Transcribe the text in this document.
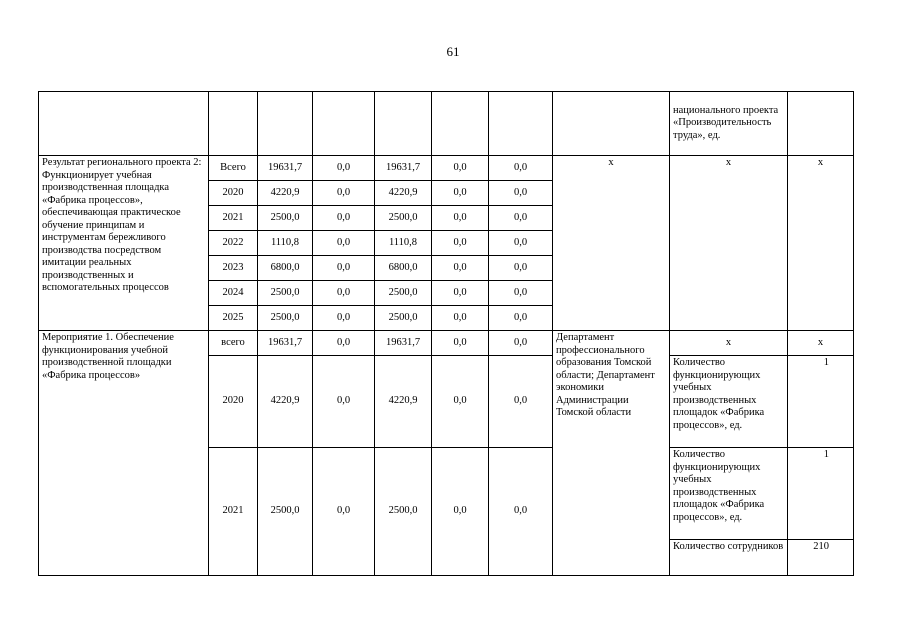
61
								национального проекта «Производительность труда», ед.	
Результат регионального проекта 2: Функционирует учебная производственная площадка «Фабрика процессов», обеспечивающая практическое обучение принципам и инструментам бережливого производства посредством имитации реальных производственных и вспомогательных процессов	Всего	19631,7	0,0	19631,7	0,0	0,0	х	х	х
	2020	4220,9	0,0	4220,9	0,0	0,0			
	2021	2500,0	0,0	2500,0	0,0	0,0			
	2022	1110,8	0,0	1110,8	0,0	0,0			
	2023	6800,0	0,0	6800,0	0,0	0,0			
	2024	2500,0	0,0	2500,0	0,0	0,0			
	2025	2500,0	0,0	2500,0	0,0	0,0			
Мероприятие 1. Обеспечение функционирования учебной производственной площадки «Фабрика процессов»	всего	19631,7	0,0	19631,7	0,0	0,0	Департамент профессионального образования Томской области; Департамент экономики Администрации Томской области	х	х
	2020	4220,9	0,0	4220,9	0,0	0,0		Количество функционирующих учебных производственных площадок «Фабрика процессов», ед.	1
	2021	2500,0	0,0	2500,0	0,0	0,0		Количество функционирующих учебных производственных площадок «Фабрика процессов», ед.	1
								Количество сотрудников	210
